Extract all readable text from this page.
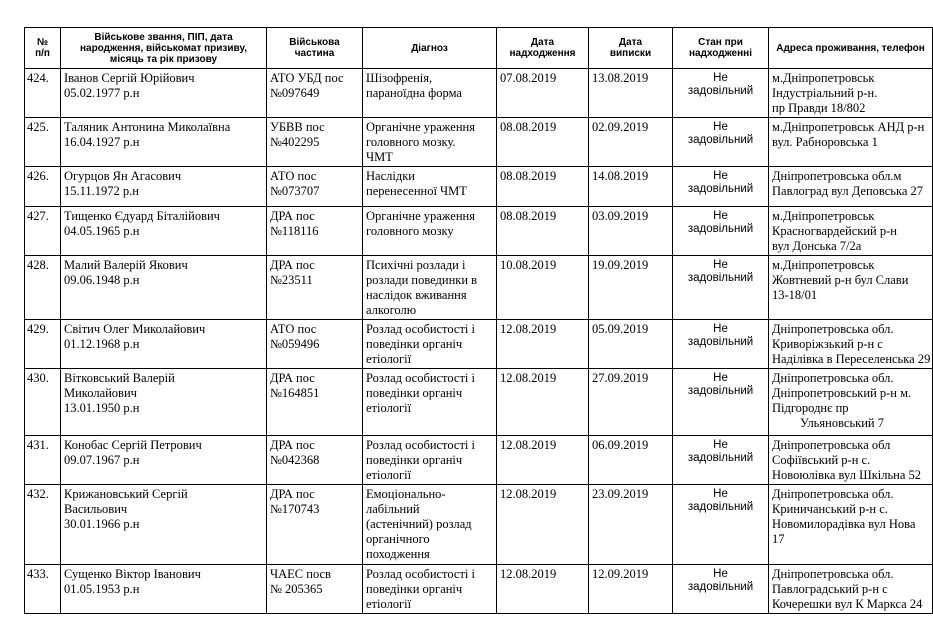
№
п/п	Військове звання, ПІП, дата
народження, військомат призиву,
місяць та рік призову	Військова
частина	Діагноз	Дата
надходження	Дата
виписки	Стан при
надходженні	Адреса проживання, телефон

424.	Іванов Сергій Юрійович
05.02.1977 р.н	АТО УБД пос
№097649	Шізофренія,
параноїдна форма	07.08.2019	13.08.2019	Не
задовільний	м.Дніпропетровськ
Індустріальний р-н.
пр Правди 18/802

425.	Таляник Антонина Миколаївна
16.04.1927 р.н	УБВВ пос
№402295	Органічне ураження
головного мозку.
ЧМТ	08.08.2019	02.09.2019	Не
задовільний	м.Дніпропетровськ АНД р-н
вул. Рабноровська 1

426.	Огурцов Ян Агасович
15.11.1972 р.н	АТО пос
№073707	Наслідки
перенесенної ЧМТ	08.08.2019	14.08.2019	Не
задовільний	Дніпропетровська обл.м
Павлоград вул Деповська 27

427.	Тищенко Єдуард Біталійович
04.05.1965 р.н	ДРА пос
№118116	Органічне ураження
головного мозку	08.08.2019	03.09.2019	Не
задовільний	м.Дніпропетровськ
Красногвардейский р-н
вул Донська 7/2а

428.	Малий Валерій Якович
09.06.1948 р.н	ДРА пос
№23511	Психічні розлади і
розлади повединки в
наслідок вживання
алкоголю	10.08.2019	19.09.2019	Не
задовільний	м.Дніпропетровськ
Жовтневий р-н бул Слави
13-18/01

429.	Світич Олег Миколайович
01.12.1968 р.н	АТО пос
№059496	Розлад особистості і
поведінки органіч
етіології	12.08.2019	05.09.2019	Не
задовільний	Дніпропетровська обл.
Криворіжзький р-н с
Наділівка в Переселенська 29

430.	Вітковський Валерій
Миколайович
13.01.1950 р.н	ДРА пос
№164851	Розлад особистості і
поведінки органіч
етіології	12.08.2019	27.09.2019	Не
задовільний	Дніпропетровська обл.
Дніпропетровський р-н м.
Підгороднє пр
Ульяновський 7

431.	Конобас Сергій Петрович
09.07.1967 р.н	ДРА пос
№042368	Розлад особистості і
поведінки органіч
етіології	12.08.2019	06.09.2019	Не
задовільний	Дніпропетровська обл
Софіївський р-н с.
Новоюлівка вул Шкільна 52

432.	Крижановський Сергій
Васильович
30.01.1966 р.н	ДРА пос
№170743	Емоціонально-
лабільний
(астенічний) розлад
органічного
походження	12.08.2019	23.09.2019	Не
задовільний	Дніпропетровська обл.
Криничанський р-н с.
Новомилорадівка вул Нова
17

433.	Сущенко Віктор Іванович
01.05.1953 р.н	ЧАЕС посв
№ 205365	Розлад особистості і
поведінки органіч
етіології	12.08.2019	12.09.2019	Не
задовільний	Дніпропетровська обл.
Павлоградський р-н с
Кочерешки вул К Маркса 24
